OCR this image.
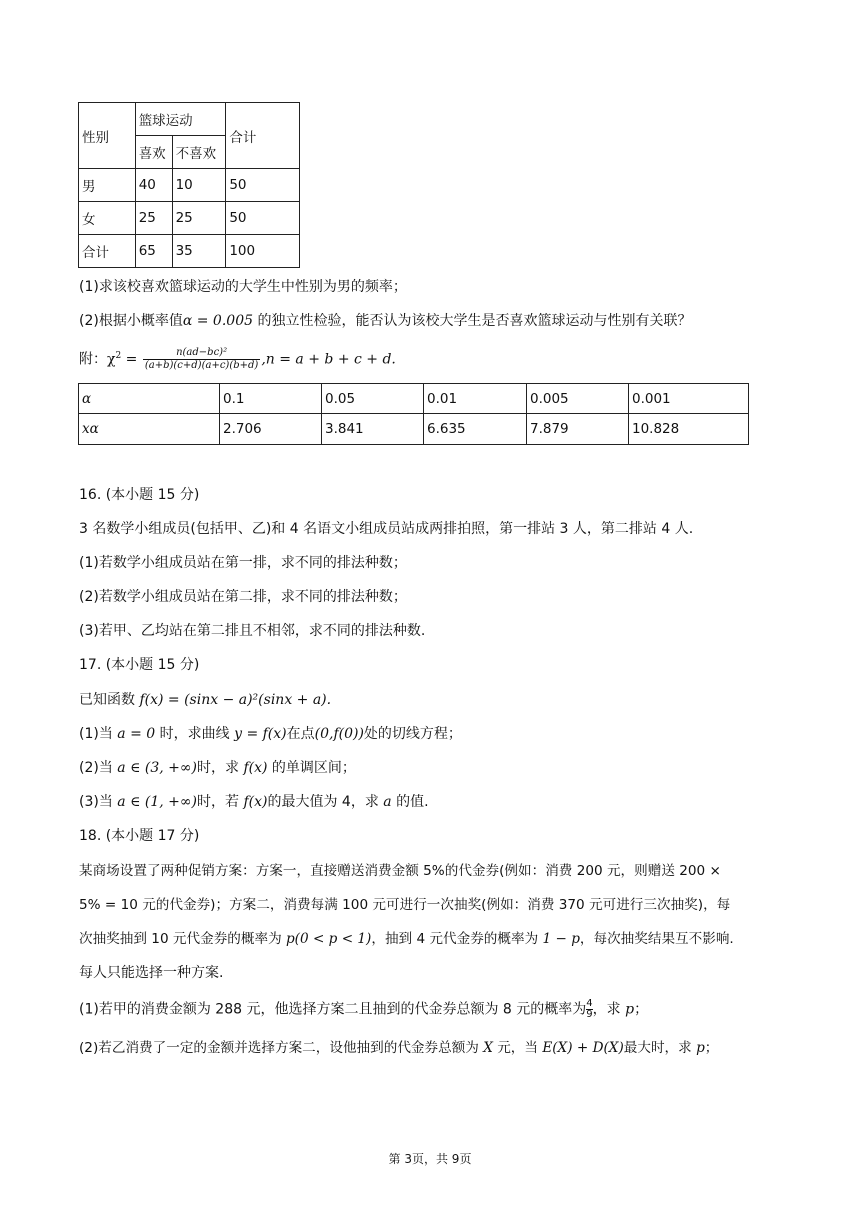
性别	篮球运动		合计
	喜欢	不喜欢	
男	40	10	50
女	25	25	50
合计	65	35	100
(1)求该校喜欢篮球运动的大学生中性别为男的频率；
(2)根据小概率值α = 0.005 的独立性检验，能否认为该校大学生是否喜欢篮球运动与性别有关联？
附：$\chi^2 = \frac{\text{n(ad−bc)²}}{(a+b)(c+d)(a+c)(b+d)} ,n = a + b + c + d$.
α	0.1	0.05	0.01	0.005	0.001
xα	2.706	3.841	6.635	7.879	10.828
16. (本小题 15 分)
3 名数学小组成员(包括甲、乙)和 4 名语文小组成员站成两排拍照，第一排站 3 人，第二排站 4 人.
(1)若数学小组成员站在第一排，求不同的排法种数；
(2)若数学小组成员站在第二排，求不同的排法种数；
(3)若甲、乙均站在第二排且不相邻，求不同的排法种数.
17. (本小题 15 分)
已知函数 f(x) = (sinx − a)²(sinx + a).
(1)当 a = 0 时，求曲线 y = f(x)在点(0,f(0))处的切线方程；
(2)当 a ∈ (3, +∞)时，求 f(x) 的单调区间；
(3)当 a ∈ (1, +∞)时，若 f(x)的最大值为 4，求 a 的值.
18. (本小题 17 分)
某商场设置了两种促销方案：方案一，直接赠送消费金额 5%的代金券(例如：消费 200 元，则赠送 200 ×
5% = 10 元的代金券)；方案二，消费每满 100 元可进行一次抽奖(例如：消费 370 元可进行三次抽奖)，每
次抽奖抽到 10 元代金券的概率为 p(0 < p < 1)，抽到 4 元代金券的概率为 1 − p，每次抽奖结果互不影响.
每人只能选择一种方案.
(1)若甲的消费金额为 288 元，他选择方案二且抽到的代金券总额为 8 元的概率为 $\frac{4}{9}$ ，求 p；
(2)若乙消费了一定的金额并选择方案二，设他抽到的代金券总额为 X 元，当 E(X) + D(X)最大时，求 p；
第 3页，共 9页
